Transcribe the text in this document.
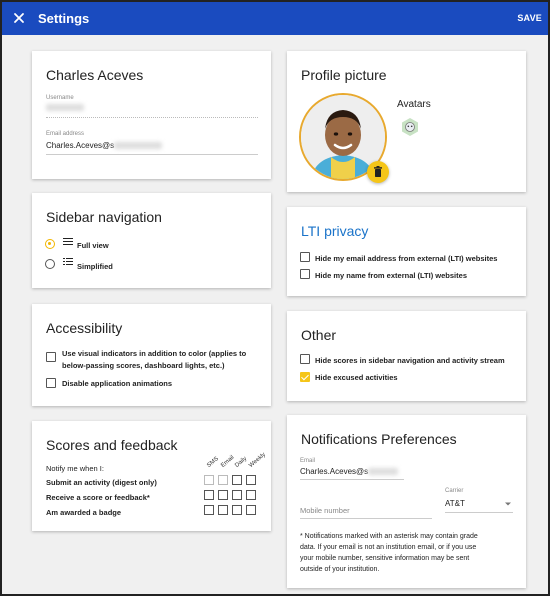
Settings	SAVE
Charles Aceves
Username
Email address
Charles.Aceves@s
Sidebar navigation
Full view
Simplified
Accessibility
Use visual indicators in addition to color (applies to
below-passing scores, dashboard lights, etc.)
Disable application animations
Scores and feedback
Notify me when I:	SMS Email
Daily Weekly
Submit an activity (digest only)
Receive a score or feedback*
Am awarded a badge
Profile picture
Avatars
LTI privacy
Hide my email address from external (LTI) websites
Hide my name from external (LTI) websites
Other
Hide scores in sidebar navigation and activity stream
Hide excused activities
Notifications Preferences
Email
Charles.Aceves@s
Mobile number
Carrier
AT&T
* Notifications marked with an asterisk may contain grade
data. If your email is not an institution email, or if you use
your mobile number, sensitive information may be sent
outside of your institution.
